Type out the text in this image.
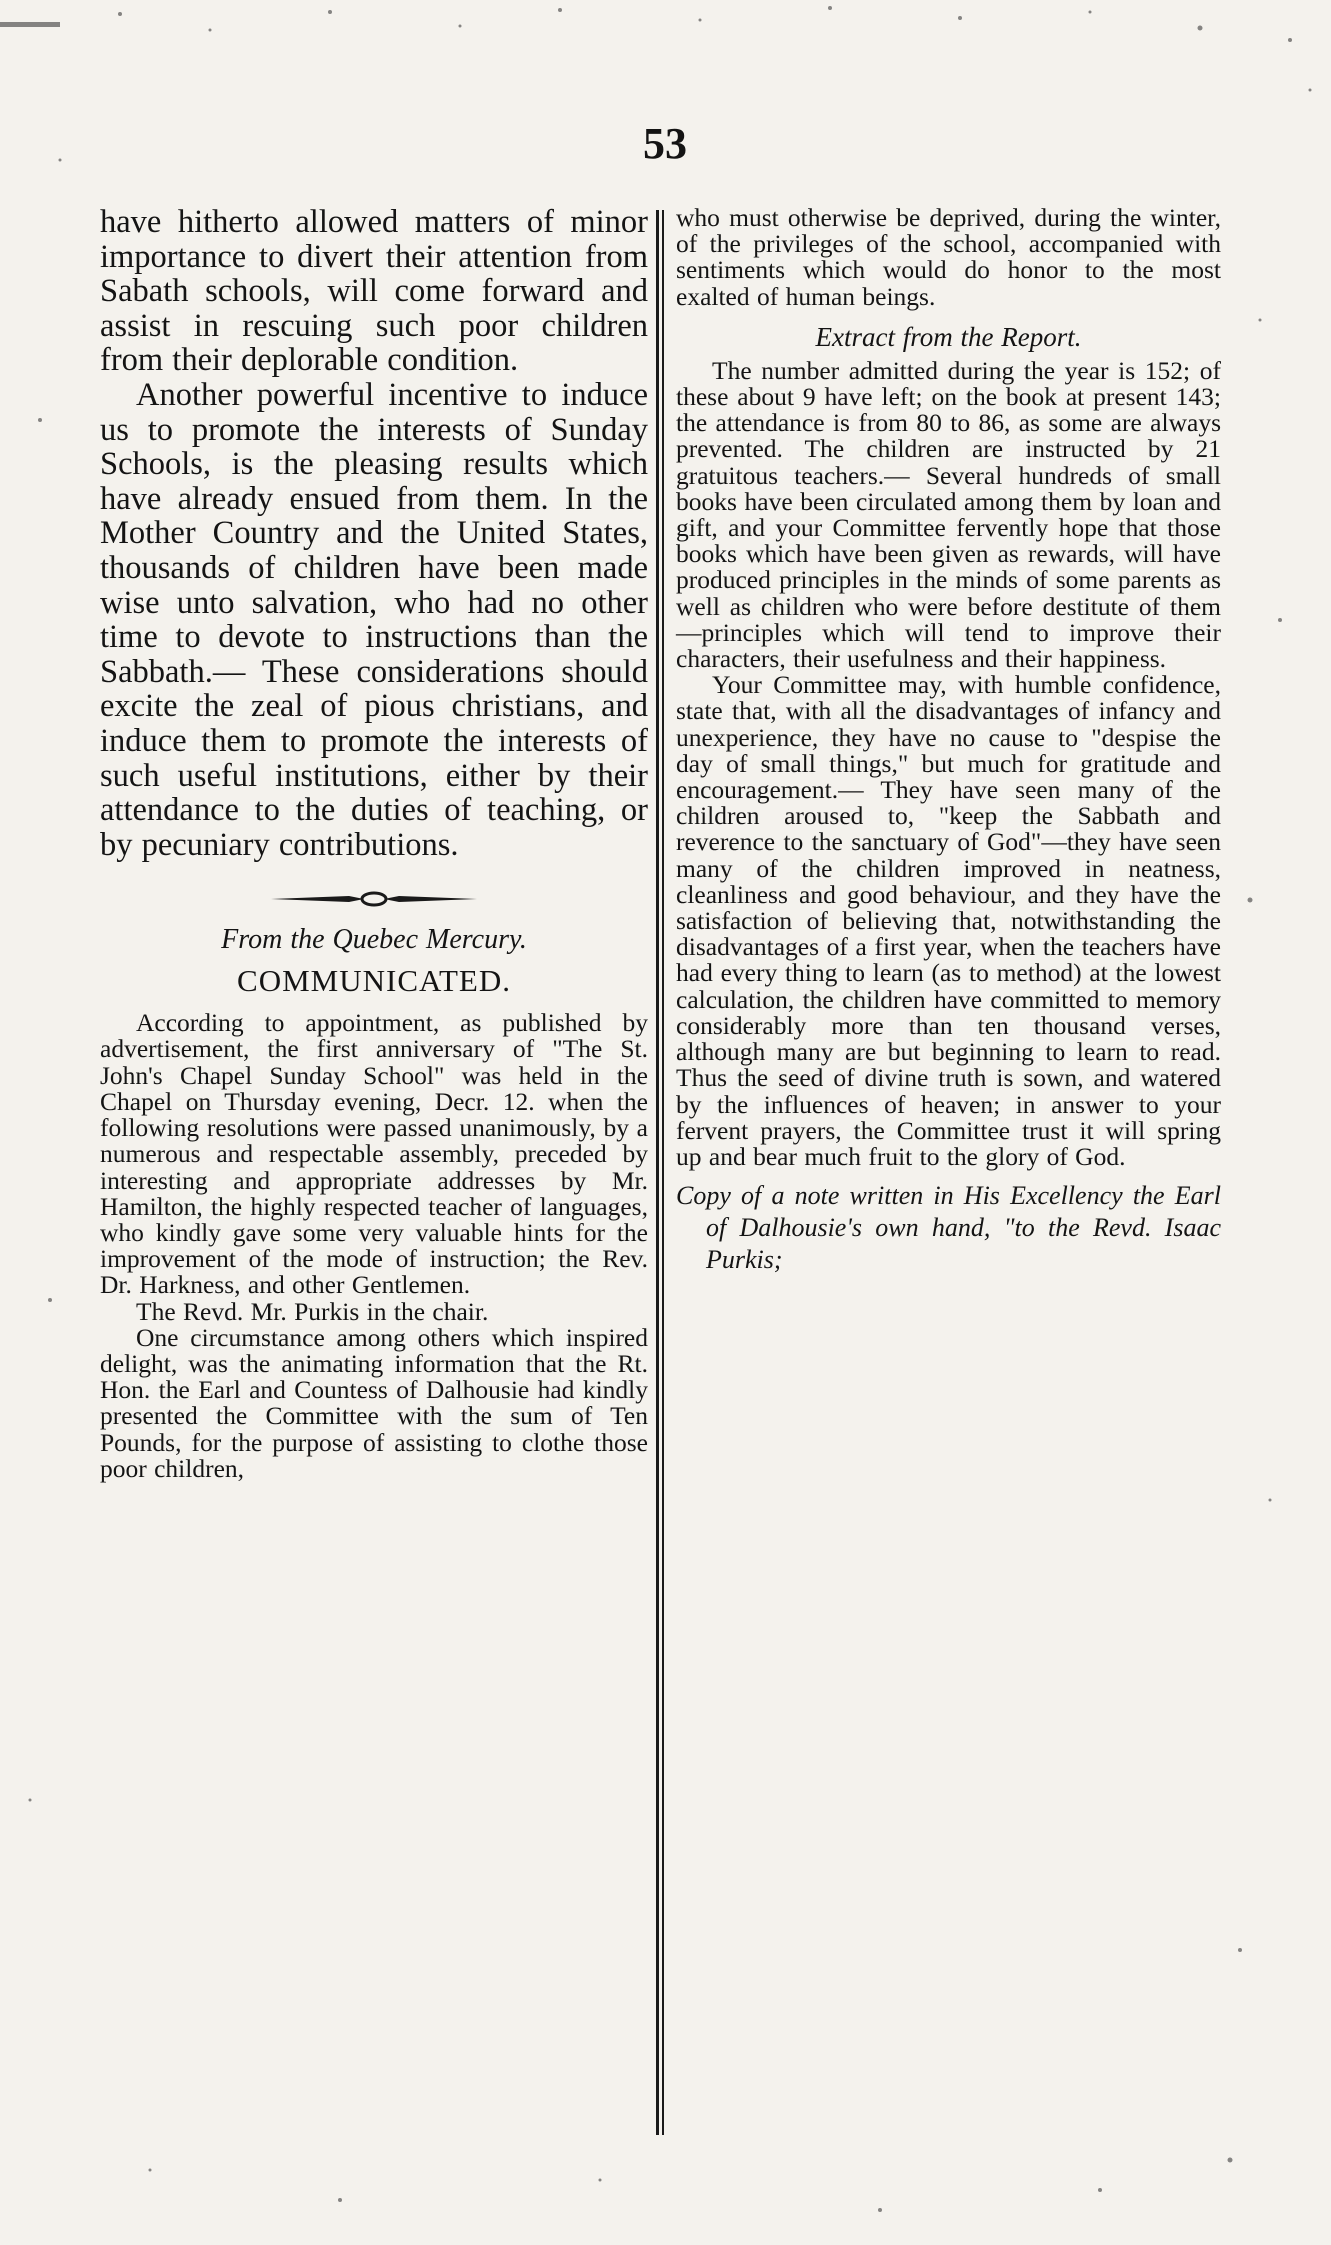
53

have hitherto allowed matters of minor importance to divert their attention from Sabath schools, will come forward and assist in rescuing such poor children from their deplorable condition.

Another powerful incentive to induce us to promote the interests of Sunday Schools, is the pleasing results which have already ensued from them. In the Mother Country and the United States, thousands of children have been made wise unto salvation, who had no other time to devote to instructions than the Sabbath.— These considerations should excite the zeal of pious christians, and induce them to promote the interests of such useful institutions, either by their attendance to the duties of teaching, or by pecuniary contributions.

From the Quebec Mercury.

COMMUNICATED.

According to appointment, as published by advertisement, the first anniversary of "The St. John's Chapel Sunday School" was held in the Chapel on Thursday evening, Decr. 12. when the following resolutions were passed unanimously, by a numerous and respectable assembly, preceded by interesting and appropriate addresses by Mr. Hamilton, the highly respected teacher of languages, who kindly gave some very valuable hints for the improvement of the mode of instruction; the Rev. Dr. Harkness, and other Gentlemen.

The Revd. Mr. Purkis in the chair.

One circumstance among others which inspired delight, was the animating information that the Rt. Hon. the Earl and Countess of Dalhousie had kindly presented the Committee with the sum of Ten Pounds, for the purpose of assisting to clothe those poor children,

who must otherwise be deprived, during the winter, of the privileges of the school, accompanied with sentiments which would do honor to the most exalted of human beings.

Extract from the Report.

The number admitted during the year is 152; of these about 9 have left; on the book at present 143; the attendance is from 80 to 86, as some are always prevented. The children are instructed by 21 gratuitous teachers.— Several hundreds of small books have been circulated among them by loan and gift, and your Committee fervently hope that those books which have been given as rewards, will have produced principles in the minds of some parents as well as children who were before destitute of them—principles which will tend to improve their characters, their usefulness and their happiness.

Your Committee may, with humble confidence, state that, with all the disadvantages of infancy and unexperience, they have no cause to "despise the day of small things," but much for gratitude and encouragement.— They have seen many of the children aroused to, "keep the Sabbath and reverence to the sanctuary of God"—they have seen many of the children improved in neatness, cleanliness and good behaviour, and they have the satisfaction of believing that, notwithstanding the disadvantages of a first year, when the teachers have had every thing to learn (as to method) at the lowest calculation, the children have committed to memory considerably more than ten thousand verses, although many are but beginning to learn to read. Thus the seed of divine truth is sown, and watered by the influences of heaven; in answer to your fervent prayers, the Committee trust it will spring up and bear much fruit to the glory of God.

Copy of a note written in His Excellency the Earl of Dalhousie's own hand, "to the Revd. Isaac Purkis;
